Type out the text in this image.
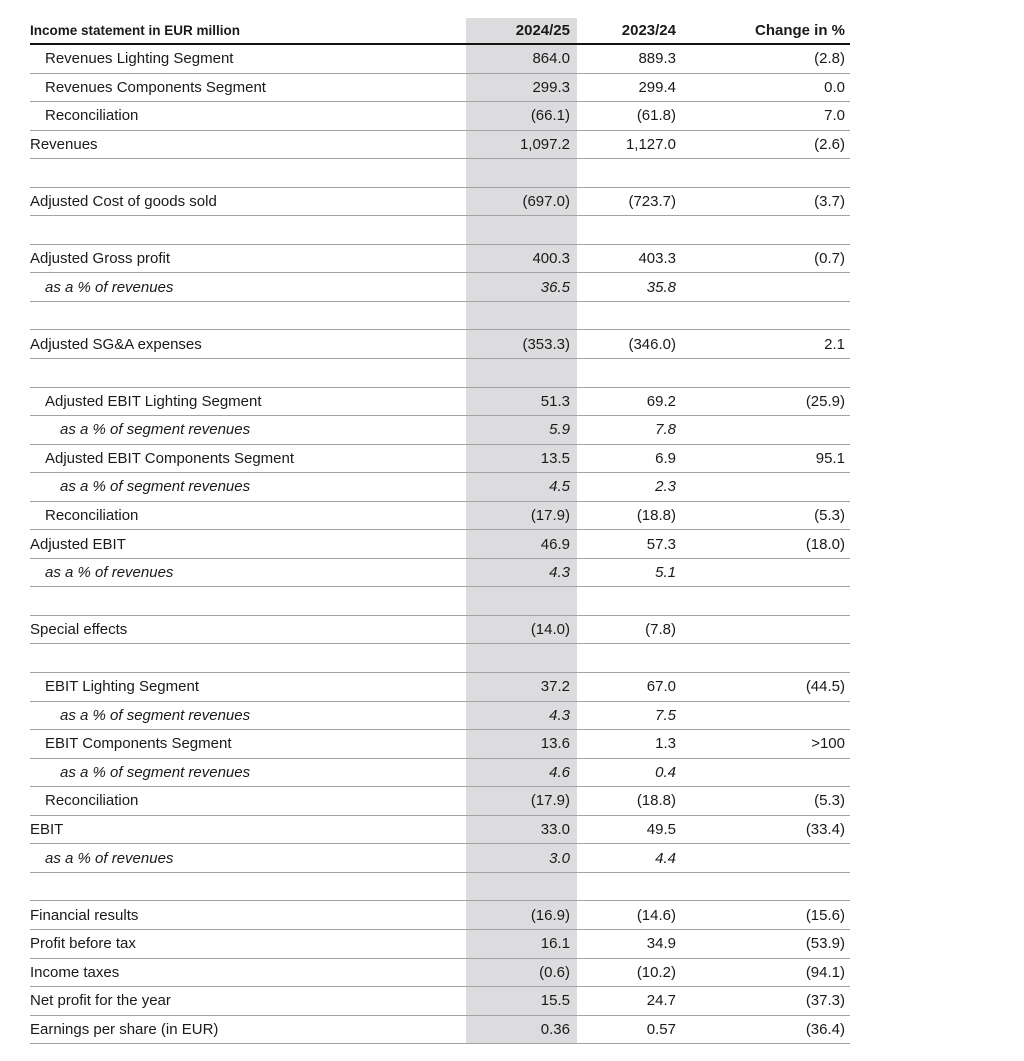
Income statement in EUR million	2024/25	2023/24	Change in %
Revenues Lighting Segment	864.0	889.3	(2.8)
Revenues Components Segment	299.3	299.4	0.0
Reconciliation	(66.1)	(61.8)	7.0
Revenues	1,097.2	1,127.0	(2.6)
Adjusted Cost of goods sold	(697.0)	(723.7)	(3.7)
Adjusted Gross profit	400.3	403.3	(0.7)
as a % of revenues	36.5	35.8
Adjusted SG&A expenses	(353.3)	(346.0)	2.1
Adjusted EBIT Lighting Segment	51.3	69.2	(25.9)
as a % of segment revenues	5.9	7.8
Adjusted EBIT Components Segment	13.5	6.9	95.1
as a % of segment revenues	4.5	2.3
Reconciliation	(17.9)	(18.8)	(5.3)
Adjusted EBIT	46.9	57.3	(18.0)
as a % of revenues	4.3	5.1
Special effects	(14.0)	(7.8)
EBIT Lighting Segment	37.2	67.0	(44.5)
as a % of segment revenues	4.3	7.5
EBIT Components Segment	13.6	1.3	>100
as a % of segment revenues	4.6	0.4
Reconciliation	(17.9)	(18.8)	(5.3)
EBIT	33.0	49.5	(33.4)
as a % of revenues	3.0	4.4
Financial results	(16.9)	(14.6)	(15.6)
Profit before tax	16.1	34.9	(53.9)
Income taxes	(0.6)	(10.2)	(94.1)
Net profit for the year	15.5	24.7	(37.3)
Earnings per share (in EUR)	0.36	0.57	(36.4)
